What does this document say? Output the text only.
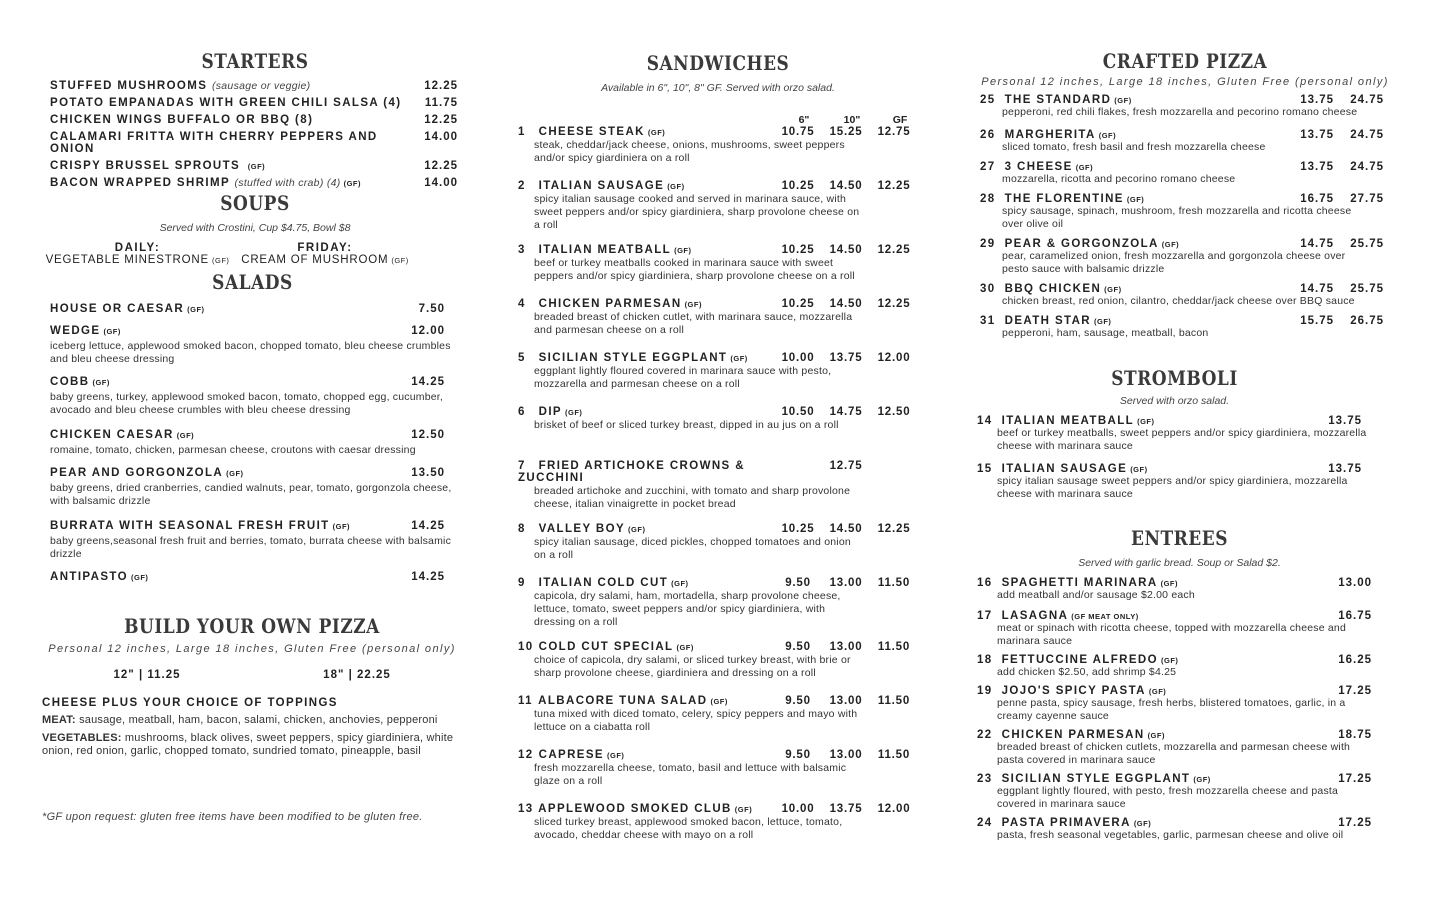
STARTERS
STUFFED MUSHROOMS (sausage or veggie)	12.25
POTATO EMPANADAS WITH GREEN CHILI SALSA (4)	11.75
CHICKEN WINGS BUFFALO OR BBQ (8)	12.25
CALAMARI FRITTA WITH CHERRY PEPPERS AND ONION
14.00
CRISPY BRUSSEL SPROUTS (GF)	12.25
BACON WRAPPED SHRIMP (stuffed with crab) (4) (GF)	14.00
SOUPS
Served with Crostini, Cup $4.75, Bowl $8
DAILY:
VEGETABLE MINESTRONE (GF)
FRIDAY:
CREAM OF MUSHROOM (GF)
SALADS
HOUSE OR CAESAR (GF)	7.50
WEDGE (GF)	12.00
iceberg lettuce, applewood smoked bacon, chopped tomato, bleu cheese crumbles and bleu cheese dressing
COBB (GF)	14.25
baby greens, turkey, applewood smoked bacon, tomato, chopped egg, cucumber, avocado and bleu cheese crumbles with bleu cheese dressing
CHICKEN CAESAR (GF)	12.50
romaine, tomato, chicken, parmesan cheese, croutons with caesar dressing
PEAR AND GORGONZOLA (GF)	13.50
baby greens, dried cranberries, candied walnuts, pear, tomato, gorgonzola cheese, with balsamic drizzle
BURRATA WITH SEASONAL FRESH FRUIT (GF)	14.25
baby greens,seasonal fresh fruit and berries, tomato, burrata cheese with balsamic drizzle
ANTIPASTO (GF)	14.25
BUILD YOUR OWN PIZZA
Personal 12 inches, Large 18 inches, Gluten Free (personal only)
12" | 11.25	18" | 22.25
CHEESE PLUS YOUR CHOICE OF TOPPINGS
MEAT: sausage, meatball, ham, bacon, salami, chicken, anchovies, pepperoni
VEGETABLES: mushrooms, black olives, sweet peppers, spicy giardiniera, white onion, red onion, garlic, chopped tomato, sundried tomato, pineapple, basil
*GF upon request: gluten free items have been modified to be gluten free.
SANDWICHES
Available in 6", 10", 8" GF. Served with orzo salad.
6"	10"	GF
1 CHEESE STEAK (GF)	10.75	15.25	12.75
steak, cheddar/jack cheese, onions, mushrooms, sweet peppers and/or spicy giardiniera on a roll
2 ITALIAN SAUSAGE (GF)	10.25	14.50	12.25
spicy italian sausage cooked and served in marinara sauce, with sweet peppers and/or spicy giardiniera, sharp provolone cheese on a roll
3 ITALIAN MEATBALL (GF)	10.25	14.50	12.25
beef or turkey meatballs cooked in marinara sauce with sweet peppers and/or spicy giardiniera, sharp provolone cheese on a roll
4 CHICKEN PARMESAN (GF)	10.25	14.50	12.25
breaded breast of chicken cutlet, with marinara sauce, mozzarella and parmesan cheese on a roll
5 SICILIAN STYLE EGGPLANT (GF)	10.00	13.75	12.00
eggplant lightly floured covered in marinara sauce with pesto, mozzarella and parmesan cheese on a roll
6 DIP (GF)	10.50	14.75	12.50
brisket of beef or sliced turkey breast, dipped in au jus on a roll
7 FRIED ARTICHOKE CROWNS & ZUCCHINI
12.75
breaded artichoke and zucchini, with tomato and sharp provolone cheese, italian vinaigrette in pocket bread
8 VALLEY BOY (GF)	10.25	14.50	12.25
spicy italian sausage, diced pickles, chopped tomatoes and onion on a roll
9 ITALIAN COLD CUT (GF)	9.50	13.00	11.50
capicola, dry salami, ham, mortadella, sharp provolone cheese, lettuce, tomato, sweet peppers and/or spicy giardiniera, with dressing on a roll
10 COLD CUT SPECIAL (GF)	9.50	13.00	11.50
choice of capicola, dry salami, or sliced turkey breast, with brie or sharp provolone cheese, giardiniera and dressing on a roll
11 ALBACORE TUNA SALAD (GF)	9.50	13.00	11.50
tuna mixed with diced tomato, celery, spicy peppers and mayo with lettuce on a ciabatta roll
12 CAPRESE (GF)	9.50	13.00	11.50
fresh mozzarella cheese, tomato, basil and lettuce with balsamic glaze on a roll
13 APPLEWOOD SMOKED CLUB (GF)	10.00	13.75	12.00
sliced turkey breast, applewood smoked bacon, lettuce, tomato, avocado, cheddar cheese with mayo on a roll
CRAFTED PIZZA
Personal 12 inches, Large 18 inches, Gluten Free (personal only)
25 THE STANDARD (GF)	13.75	24.75
pepperoni, red chili flakes, fresh mozzarella and pecorino romano cheese
26 MARGHERITA (GF)	13.75	24.75
sliced tomato, fresh basil and fresh mozzarella cheese
27 3 CHEESE (GF)	13.75	24.75
mozzarella, ricotta and pecorino romano cheese
28 THE FLORENTINE (GF)	16.75	27.75
spicy sausage, spinach, mushroom, fresh mozzarella and ricotta cheese over olive oil
29 PEAR & GORGONZOLA (GF)	14.75	25.75
pear, caramelized onion, fresh mozzarella and gorgonzola cheese over pesto sauce with balsamic drizzle
30 BBQ CHICKEN (GF)	14.75	25.75
chicken breast, red onion, cilantro, cheddar/jack cheese over BBQ sauce
31 DEATH STAR (GF)	15.75	26.75
pepperoni, ham, sausage, meatball, bacon
STROMBOLI
Served with orzo salad.
14 ITALIAN MEATBALL (GF)	13.75
beef or turkey meatballs, sweet peppers and/or spicy giardiniera, mozzarella cheese with marinara sauce
15 ITALIAN SAUSAGE (GF)	13.75
spicy italian sausage sweet peppers and/or spicy giardiniera, mozzarella cheese with marinara sauce
ENTREES
Served with garlic bread. Soup or Salad $2.
16 SPAGHETTI MARINARA (GF)	13.00
add meatball and/or sausage $2.00 each
17 LASAGNA (GF MEAT ONLY)	16.75
meat or spinach with ricotta cheese, topped with mozzarella cheese and marinara sauce
18 FETTUCCINE ALFREDO (GF)	16.25
add chicken $2.50, add shrimp $4.25
19 JOJO'S SPICY PASTA (GF)	17.25
penne pasta, spicy sausage, fresh herbs, blistered tomatoes, garlic, in a creamy cayenne sauce
22 CHICKEN PARMESAN (GF)	18.75
breaded breast of chicken cutlets, mozzarella and parmesan cheese with pasta covered in marinara sauce
23 SICILIAN STYLE EGGPLANT (GF)	17.25
eggplant lightly floured, with pesto, fresh mozzarella cheese and pasta covered in marinara sauce
24 PASTA PRIMAVERA (GF)	17.25
pasta, fresh seasonal vegetables, garlic, parmesan cheese and olive oil
